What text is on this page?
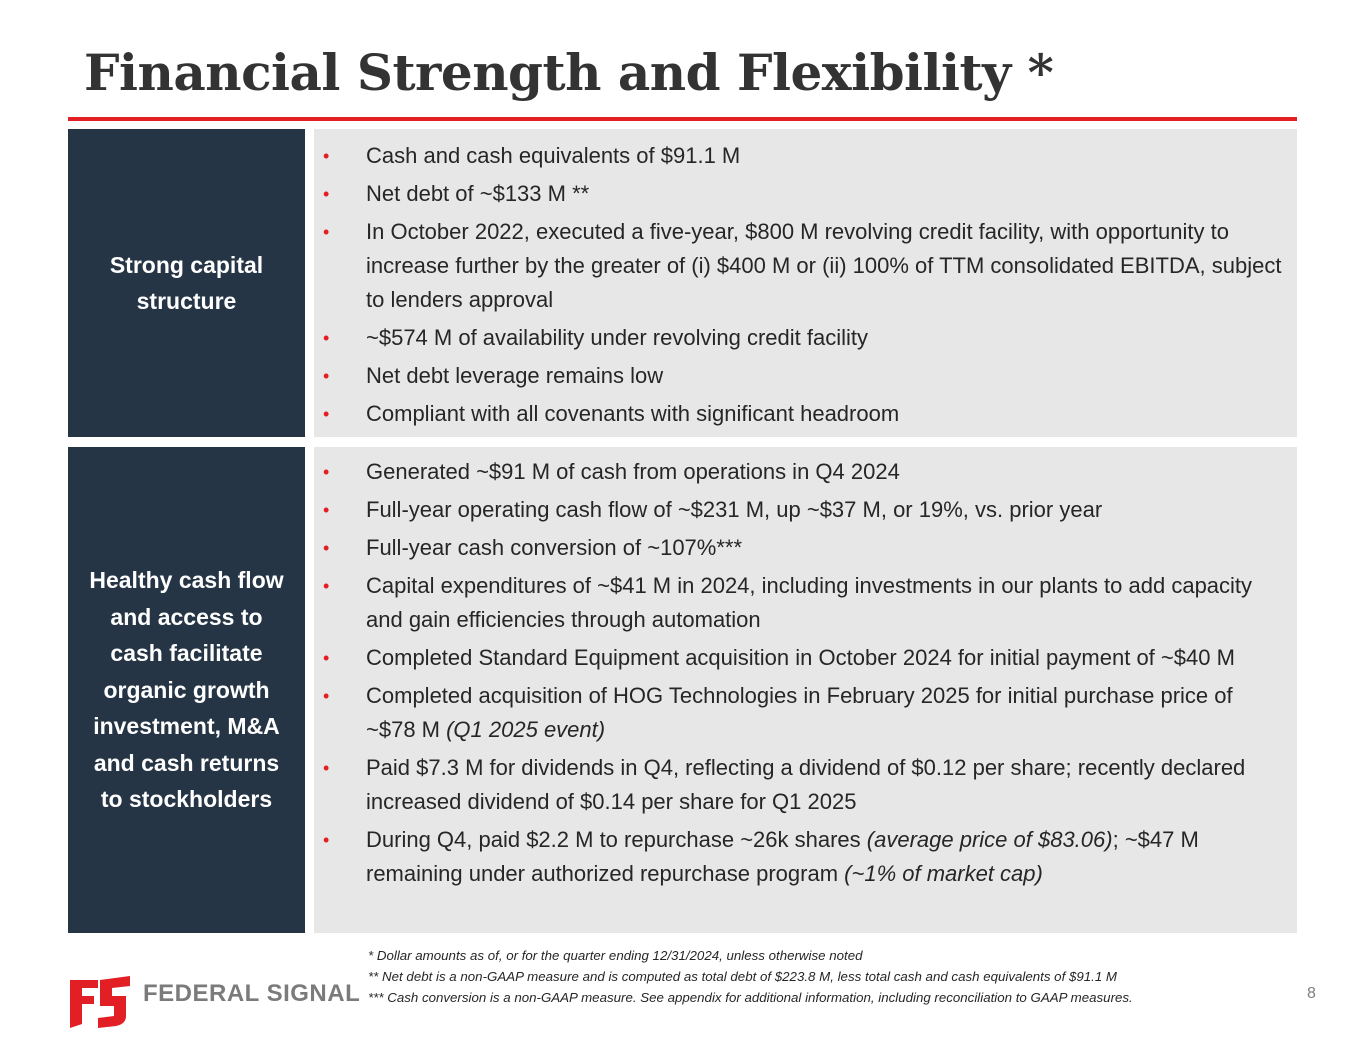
Financial Strength and Flexibility *
Strong capital structure
• Cash and cash equivalents of $91.1 M
• Net debt of ~$133 M **
• In October 2022, executed a five-year, $800 M revolving credit facility, with opportunity to increase further by the greater of (i) $400 M or (ii) 100% of TTM consolidated EBITDA, subject to lenders approval
• ~$574 M of availability under revolving credit facility
• Net debt leverage remains low
• Compliant with all covenants with significant headroom
Healthy cash flow and access to cash facilitate organic growth investment, M&A and cash returns to stockholders
• Generated ~$91 M of cash from operations in Q4 2024
• Full-year operating cash flow of ~$231 M, up ~$37 M, or 19%, vs. prior year
• Full-year cash conversion of ~107%***
• Capital expenditures of ~$41 M in 2024, including investments in our plants to add capacity and gain efficiencies through automation
• Completed Standard Equipment acquisition in October 2024 for initial payment of ~$40 M
• Completed acquisition of HOG Technologies in February 2025 for initial purchase price of ~$78 M (Q1 2025 event)
• Paid $7.3 M for dividends in Q4, reflecting a dividend of $0.12 per share; recently declared increased dividend of $0.14 per share for Q1 2025
• During Q4, paid $2.2 M to repurchase ~26k shares (average price of $83.06); ~$47 M remaining under authorized repurchase program (~1% of market cap)
* Dollar amounts as of, or for the quarter ending 12/31/2024, unless otherwise noted
** Net debt is a non-GAAP measure and is computed as total debt of $223.8 M, less total cash and cash equivalents of $91.1 M
*** Cash conversion is a non-GAAP measure. See appendix for additional information, including reconciliation to GAAP measures.	8
FEDERAL SIGNAL
